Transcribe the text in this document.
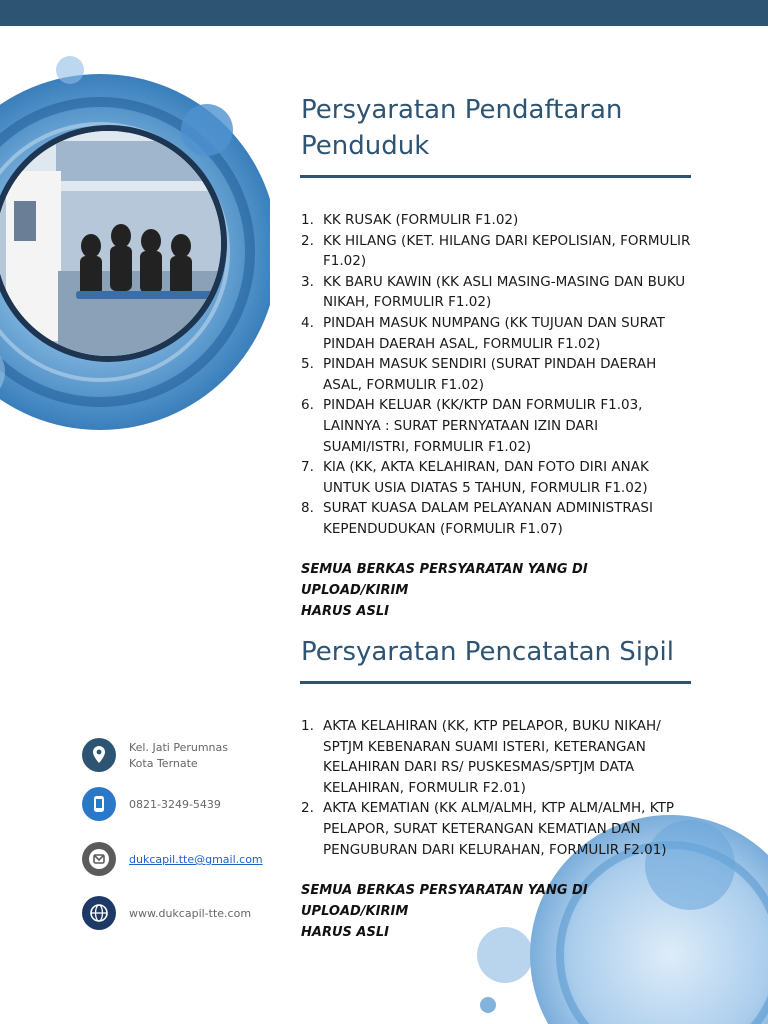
Persyaratan Pendaftaran
Penduduk
1. KK RUSAK (FORMULIR F1.02)
2. KK HILANG (KET. HILANG DARI KEPOLISIAN, FORMULIR
F1.02)
3. KK BARU KAWIN (KK ASLI MASING-MASING DAN BUKU
NIKAH, FORMULIR F1.02)
4. PINDAH MASUK NUMPANG (KK TUJUAN DAN SURAT
PINDAH DAERAH ASAL, FORMULIR F1.02)
5. PINDAH MASUK SENDIRI (SURAT PINDAH DAERAH
ASAL, FORMULIR F1.02)
6. PINDAH KELUAR (KK/KTP DAN FORMULIR F1.03,
LAINNYA : SURAT PERNYATAAN IZIN DARI
SUAMI/ISTRI, FORMULIR F1.02)
7. KIA (KK, AKTA KELAHIRAN, DAN FOTO DIRI ANAK
UNTUK USIA DIATAS 5 TAHUN, FORMULIR F1.02)
8. SURAT KUASA DALAM PELAYANAN ADMINISTRASI
KEPENDUDUKAN (FORMULIR F1.07)
SEMUA BERKAS PERSYARATAN YANG DI UPLOAD/KIRIM
HARUS ASLI
Persyaratan Pencatatan Sipil
1. AKTA KELAHIRAN (KK, KTP PELAPOR, BUKU NIKAH/
SPTJM KEBENARAN SUAMI ISTERI, KETERANGAN
KELAHIRAN DARI RS/ PUSKESMAS/SPTJM DATA
KELAHIRAN, FORMULIR F2.01)
2. AKTA KEMATIAN (KK ALM/ALMH, KTP ALM/ALMH, KTP
PELAPOR, SURAT KETERANGAN KEMATIAN DAN
PENGUBURAN DARI KELURAHAN, FORMULIR F2.01)
SEMUA BERKAS PERSYARATAN YANG DI UPLOAD/KIRIM
HARUS ASLI
Kel. Jati Perumnas
Kota Ternate
0821-3249-5439
dukcapil.tte@gmail.com
www.dukcapil-tte.com
